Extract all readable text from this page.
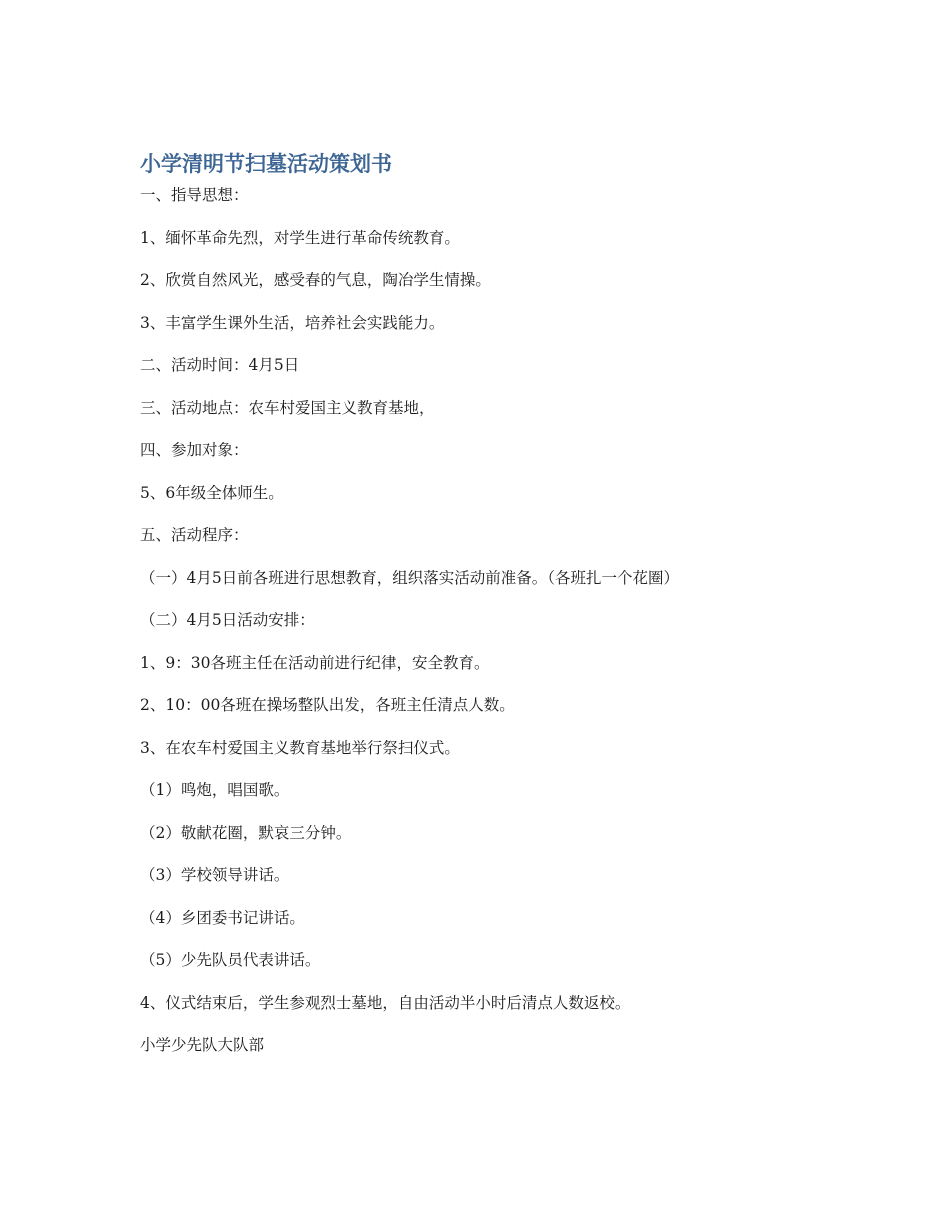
小学清明节扫墓活动策划书

一、指导思想：

1、缅怀革命先烈，对学生进行革命传统教育。

2、欣赏自然风光，感受春的气息，陶冶学生情操。

3、丰富学生课外生活，培养社会实践能力。

二、活动时间：4月5日

三、活动地点：农车村爱国主义教育基地，

四、参加对象：

5、6年级全体师生。

五、活动程序：

（一）4月5日前各班进行思想教育，组织落实活动前准备。（各班扎一个花圈）

（二）4月5日活动安排：

1、9：30各班主任在活动前进行纪律，安全教育。

2、10：00各班在操场整队出发，各班主任清点人数。

3、在农车村爱国主义教育基地举行祭扫仪式。

（1）鸣炮，唱国歌。

（2）敬献花圈，默哀三分钟。

（3）学校领导讲话。

（4）乡团委书记讲话。

（5）少先队员代表讲话。

4、仪式结束后，学生参观烈士墓地，自由活动半小时后清点人数返校。

小学少先队大队部
